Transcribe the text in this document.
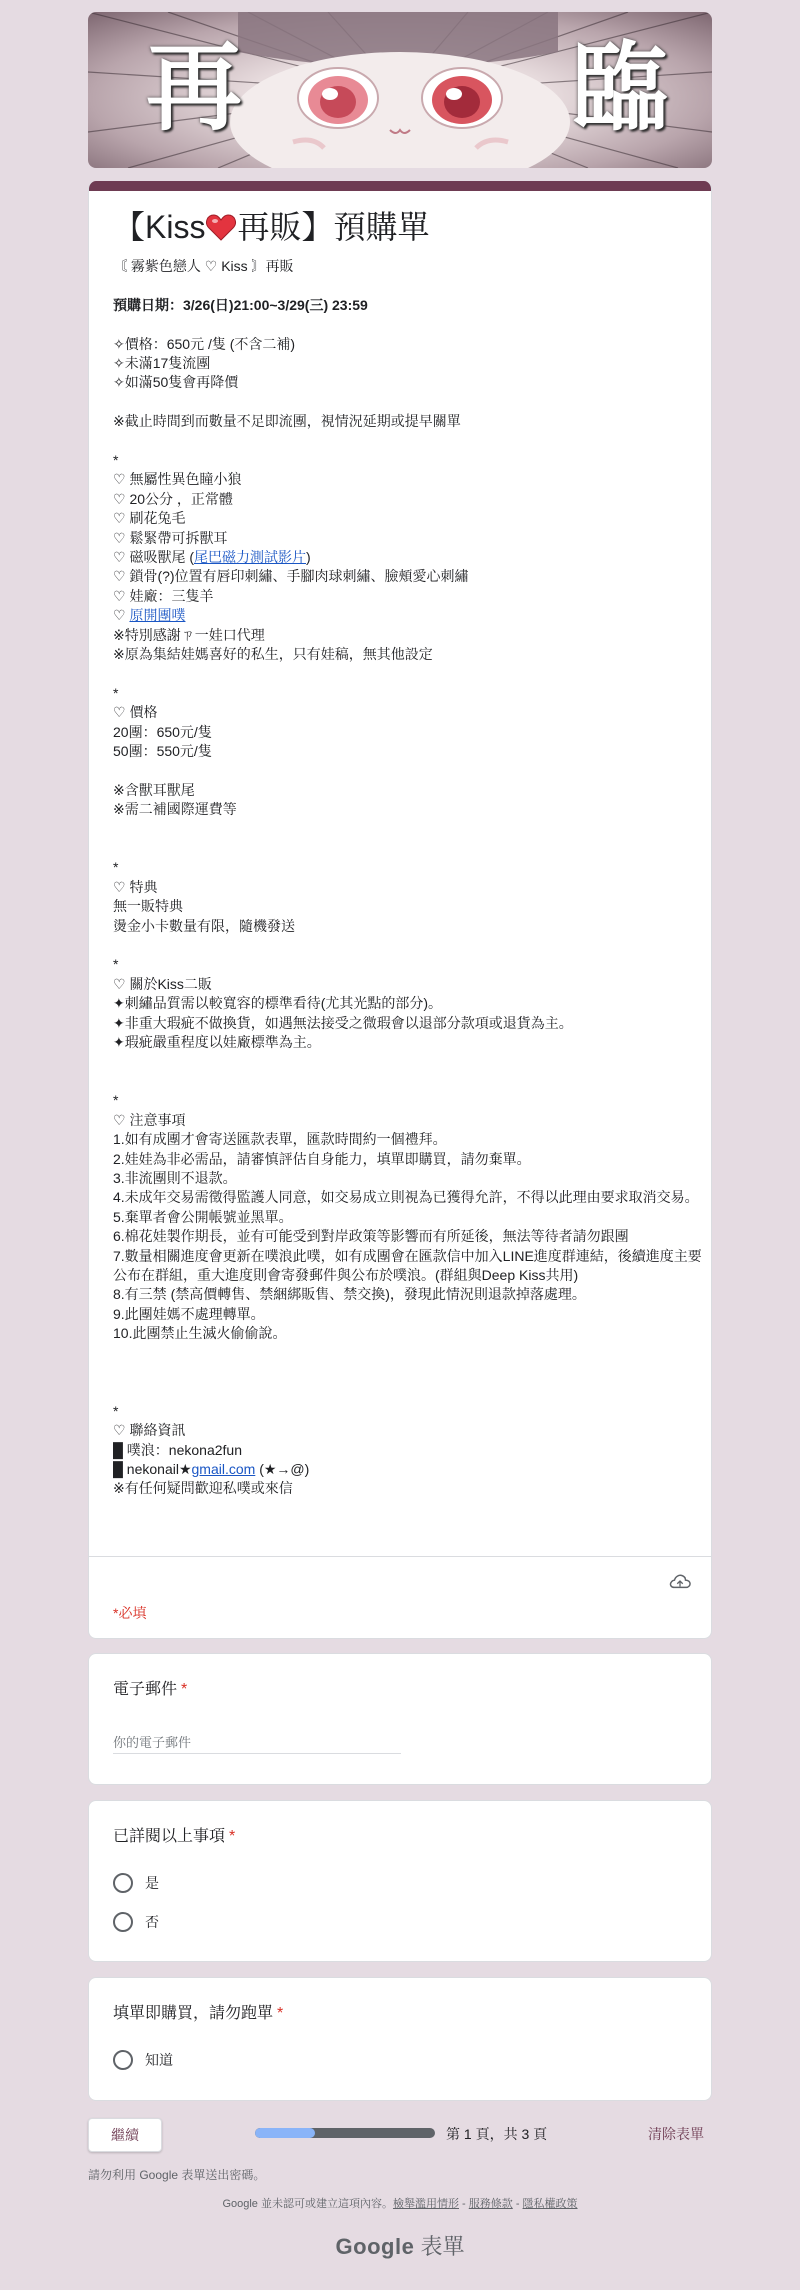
再	臨
【Kiss 再販】預購單
〘 霧紫色戀人 ♡ Kiss 〙再販
預購日期：3/26(日)21:00~3/29(三) 23:59
✧價格：650元 /隻 (不含二補)
✧未滿17隻流團
✧如滿50隻會再降價
※截止時間到而數量不足即流團，視情況延期或提早關單
*
♡ 無屬性異色瞳小狼
♡ 20公分 ，正常體
♡ 刷花兔毛
♡ 鬆緊帶可拆獸耳
♡ 磁吸獸尾 (尾巴磁力測試影片)
♡ 鎖骨(?)位置有唇印刺繡、手腳肉球刺繡、臉頰愛心刺繡
♡ 娃廠：三隻羊
♡ 原開團噗
※特別感謝ㄗ一娃口代理
※原為集結娃媽喜好的私生，只有娃稿，無其他設定
*
♡ 價格
20團：650元/隻
50團：550元/隻
※含獸耳獸尾
※需二補國際運費等
*
♡ 特典
無一販特典
燙金小卡數量有限，隨機發送
*
♡ 關於Kiss二販
✦刺繡品質需以較寬容的標準看待(尤其光點的部分)。
✦非重大瑕疵不做換貨，如遇無法接受之微瑕會以退部分款項或退貨為主。
✦瑕疵嚴重程度以娃廠標準為主。
*
♡ 注意事項
1.如有成團才會寄送匯款表單，匯款時間約一個禮拜。
2.娃娃為非必需品，請審慎評估自身能力，填單即購買，請勿棄單。
3.非流團則不退款。
4.未成年交易需徵得監護人同意，如交易成立則視為已獲得允許，不得以此理由要求取消交易。
5.棄單者會公開帳號並黑單。
6.棉花娃製作期長，並有可能受到對岸政策等影響而有所延後，無法等待者請勿跟團
7.數量相關進度會更新在噗浪此噗，如有成團會在匯款信中加入LINE進度群連結，後續進度主要公布在群組，重大進度則會寄發郵件與公布於噗浪。(群組與Deep Kiss共用)
8.有三禁 (禁高價轉售、禁綑綁販售、禁交換)，發現此情況則退款掉落處理。
9.此團娃媽不處理轉單。
10.此團禁止生滅火偷偷說。
*
♡ 聯絡資訊
█ 噗浪：nekona2fun
█ nekonail★gmail.com (★→@)
※有任何疑問歡迎私噗或來信
*必填
電子郵件 *
你的電子郵件
已詳閱以上事項 *
是
否
填單即購買，請勿跑單 *
知道
繼續	第 1 頁，共 3 頁	清除表單
請勿利用 Google 表單送出密碼。
Google 並未認可或建立這項內容。檢舉濫用情形 - 服務條款 - 隱私權政策
Google 表單
